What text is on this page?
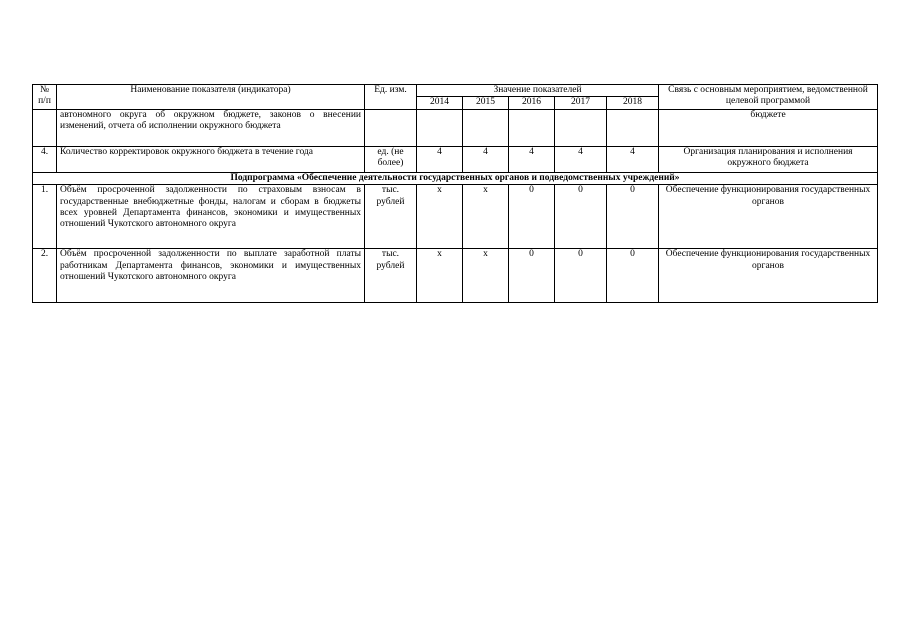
№
п/п	Наименование показателя (индикатора)	Ед. изм.	Значение показателей					Связь с основным мероприятием, ведомственной целевой программой
			2014	2015	2016	2017	2018	
	автономного округа об окружном бюджете, законов о внесении изменений, отчета об исполнении окружного бюджета							бюджете
4.	Количество корректировок окружного бюджета в течение года	ед. (не более)	4	4	4	4	4	Организация планирования и исполнения окружного бюджета
Подпрограмма «Обеспечение деятельности государственных органов и подведомственных учреждений»								
1.	Объём просроченной задолженности по страховым взносам в государственные внебюджетные фонды, налогам и сборам в бюджеты всех уровней Департамента финансов, экономики и имущественных отношений Чукотского автономного округа	тыс. рублей	х	х	0	0	0	Обеспечение функционирования государственных органов
2.	Объём просроченной задолженности по выплате заработной платы работникам Департамента финансов, экономики и имущественных отношений Чукотского автономного округа	тыс. рублей	х	х	0	0	0	Обеспечение функционирования государственных органов
